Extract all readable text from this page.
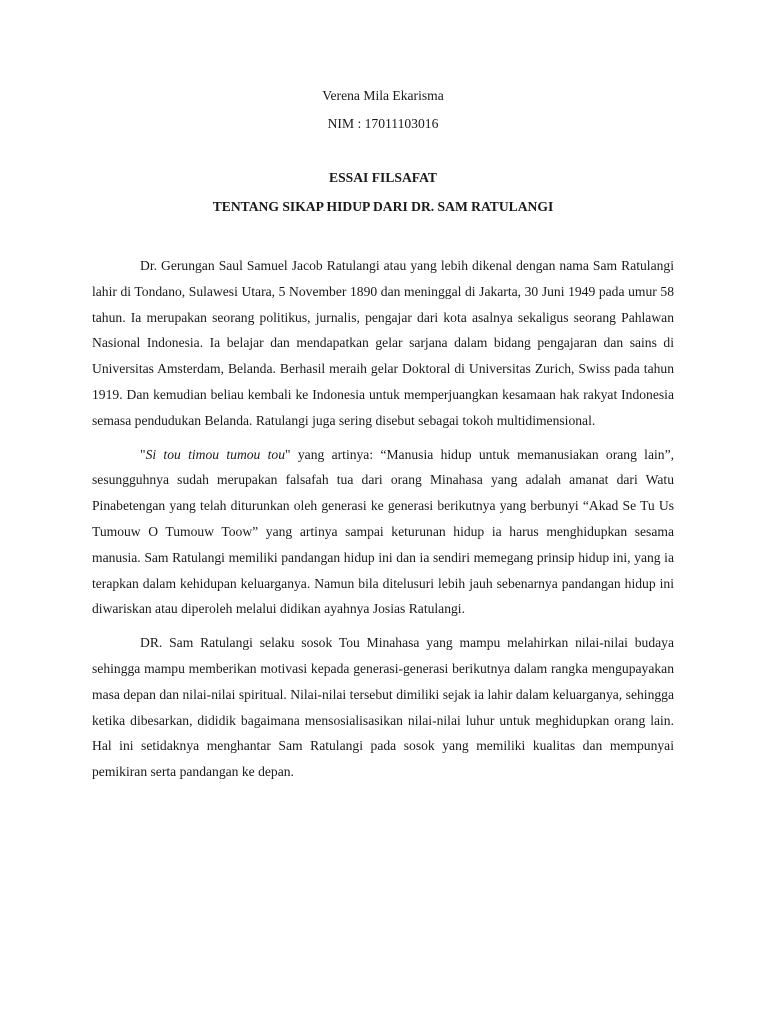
Verena Mila Ekarisma
NIM : 17011103016
ESSAI FILSAFAT
TENTANG SIKAP HIDUP DARI DR. SAM RATULANGI

Dr. Gerungan Saul Samuel Jacob Ratulangi atau yang lebih dikenal dengan nama Sam Ratulangi lahir di Tondano, Sulawesi Utara, 5 November 1890 dan meninggal di Jakarta, 30 Juni 1949 pada umur 58 tahun. Ia merupakan seorang politikus, jurnalis, pengajar dari kota asalnya sekaligus seorang Pahlawan Nasional Indonesia. Ia belajar dan mendapatkan gelar sarjana dalam bidang pengajaran dan sains di Universitas Amsterdam, Belanda. Berhasil meraih gelar Doktoral di Universitas Zurich, Swiss pada tahun 1919. Dan kemudian beliau kembali ke Indonesia untuk memperjuangkan kesamaan hak rakyat Indonesia semasa pendudukan Belanda. Ratulangi juga sering disebut sebagai tokoh multidimensional.

"Si tou timou tumou tou" yang artinya: “Manusia hidup untuk memanusiakan orang lain”, sesungguhnya sudah merupakan falsafah tua dari orang Minahasa yang adalah amanat dari Watu Pinabetengan yang telah diturunkan oleh generasi ke generasi berikutnya yang berbunyi “Akad Se Tu Us Tumouw O Tumouw Toow” yang artinya sampai keturunan hidup ia harus menghidupkan sesama manusia. Sam Ratulangi memiliki pandangan hidup ini dan ia sendiri memegang prinsip hidup ini, yang ia terapkan dalam kehidupan keluarganya. Namun bila ditelusuri lebih jauh sebenarnya pandangan hidup ini diwariskan atau diperoleh melalui didikan ayahnya Josias Ratulangi.

DR. Sam Ratulangi selaku sosok Tou Minahasa yang mampu melahirkan nilai-nilai budaya sehingga mampu memberikan motivasi kepada generasi-generasi berikutnya dalam rangka mengupayakan masa depan dan nilai-nilai spiritual. Nilai-nilai tersebut dimiliki sejak ia lahir dalam keluarganya, sehingga ketika dibesarkan, dididik bagaimana mensosialisasikan nilai-nilai luhur untuk meghidupkan orang lain. Hal ini setidaknya menghantar Sam Ratulangi pada sosok yang memiliki kualitas dan mempunyai pemikiran serta pandangan ke depan.
